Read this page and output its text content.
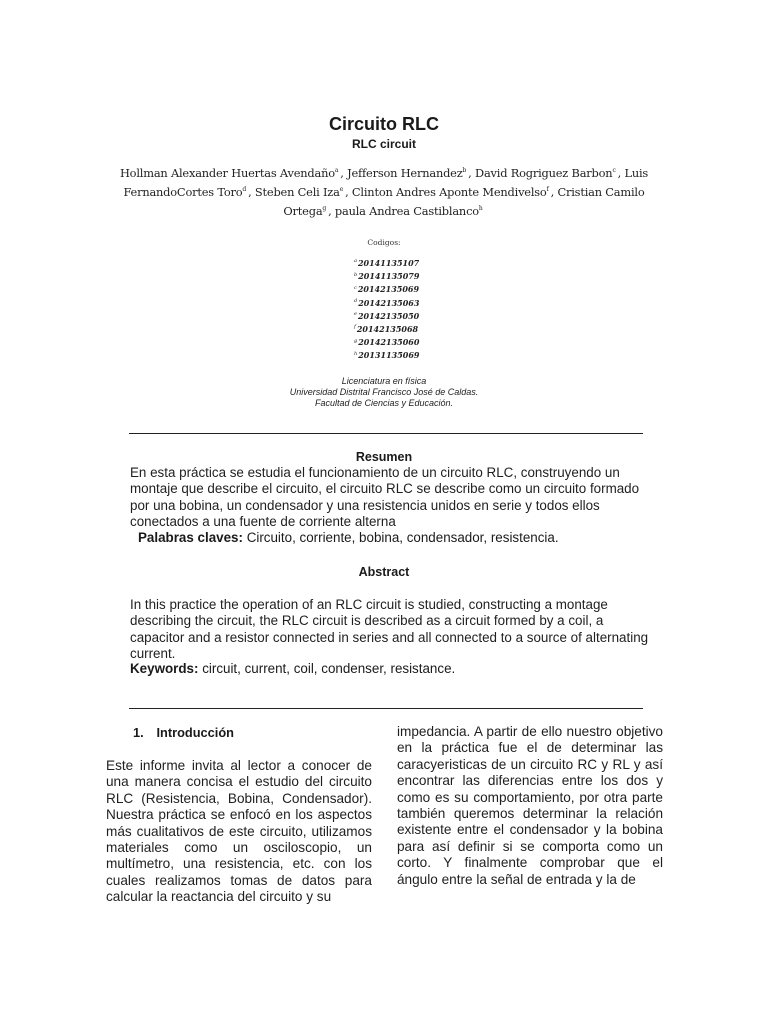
Circuito RLC
RLC circuit
Hollman Alexander Huertas Avendaño$^a$ , Jefferson Hernandez$^b$ , David Rogriguez Barbon$^c$ , Luis FernandoCortes Toro$^d$ , Steben Celi Iza$^e$ , Clinton Andres Aponte Mendivelso$^f$ , Cristian Camilo Ortega$^g$ , paula Andrea Castiblanco$^h$
Codigos:
$^a$20141135107
$^b$20141135079
$^c$20142135069
$^d$20142135063
$^e$20142135050
$^f$20142135068
$^g$20142135060
$^h$20131135069
Licenciatura en física
Universidad Distrital Francisco José de Caldas.
Facultad de Ciencias y Educación.
Resumen
En esta práctica se estudia el funcionamiento de un circuito RLC, construyendo un montaje que describe el circuito, el circuito RLC se describe como un circuito formado por una bobina, un condensador y una resistencia unidos en serie y todos ellos conectados a una fuente de corriente alterna
Palabras claves: Circuito, corriente, bobina, condensador, resistencia.
Abstract
In this practice the operation of an RLC circuit is studied, constructing a montage describing the circuit, the RLC circuit is described as a circuit formed by a coil, a capacitor and a resistor connected in series and all connected to a source of alternating current.
Keywords: circuit, current, coil, condenser, resistance.
1. Introducción
Este informe invita al lector a conocer de una manera concisa el estudio del circuito RLC (Resistencia, Bobina, Condensador). Nuestra práctica se enfocó en los aspectos más cualitativos de este circuito, utilizamos materiales como un osciloscopio, un multímetro, una resistencia, etc. con los cuales realizamos tomas de datos para calcular la reactancia del circuito y su
impedancia. A partir de ello nuestro objetivo en la práctica fue el de determinar las caracyeristicas de un circuito RC y RL y así encontrar las diferencias entre los dos y como es su comportamiento, por otra parte también queremos determinar la relación existente entre el condensador y la bobina para así definir si se comporta como un corto. Y finalmente comprobar que el ángulo entre la señal de entrada y la de
